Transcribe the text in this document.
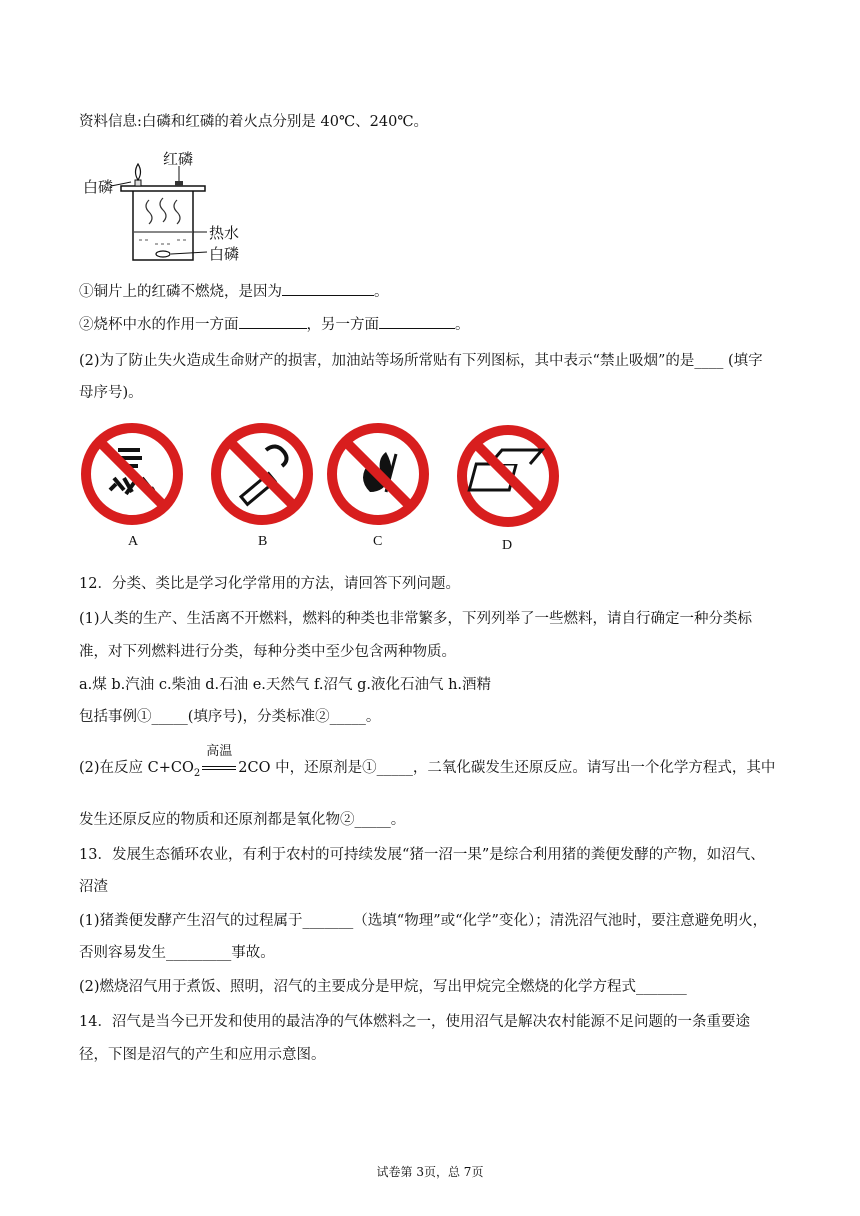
资料信息:白磷和红磷的着火点分别是 40℃、240℃。
红磷
白磷
热水
白磷
①铜片上的红磷不燃烧，是因为	。
②烧杯中水的作用一方面	，另一方面	。
(2)为了防止失火造成生命财产的损害，加油站等场所常贴有下列图标，其中表示“禁止吸烟”的是____ (填字
母序号)。
A	B	C	D
12．分类、类比是学习化学常用的方法，请回答下列问题。
(1)人类的生产、生活离不开燃料，燃料的种类也非常繁多，下列列举了一些燃料，请自行确定一种分类标
准，对下列燃料进行分类，每种分类中至少包含两种物质。
a.煤 b.汽油 c.柴油 d.石油 e.天然气 f.沼气 g.液化石油气 h.酒精
包括事例①_____(填序号)，分类标准②_____。
(2)在反应 $C+CO_2$
高温
2CO 中，还原剂是①_____，二氧化碳发生还原反应。请写出一个化学方程式，其中
发生还原反应的物质和还原剂都是氧化物②_____。
13．发展生态循环农业，有利于农村的可持续发展“猪一沼一果”是综合利用猪的粪便发酵的产物，如沼气、
沼渣
(1)猪粪便发酵产生沼气的过程属于_______（选填“物理”或“化学”变化）；清洗沼气池时，要注意避免明火，
否则容易发生_________事故。
(2)燃烧沼气用于煮饭、照明，沼气的主要成分是甲烷，写出甲烷完全燃烧的化学方程式_______
14．沼气是当今已开发和使用的最洁净的气体燃料之一，使用沼气是解决农村能源不足问题的一条重要途
径，下图是沼气的产生和应用示意图。
试卷第 3页，总 7页
